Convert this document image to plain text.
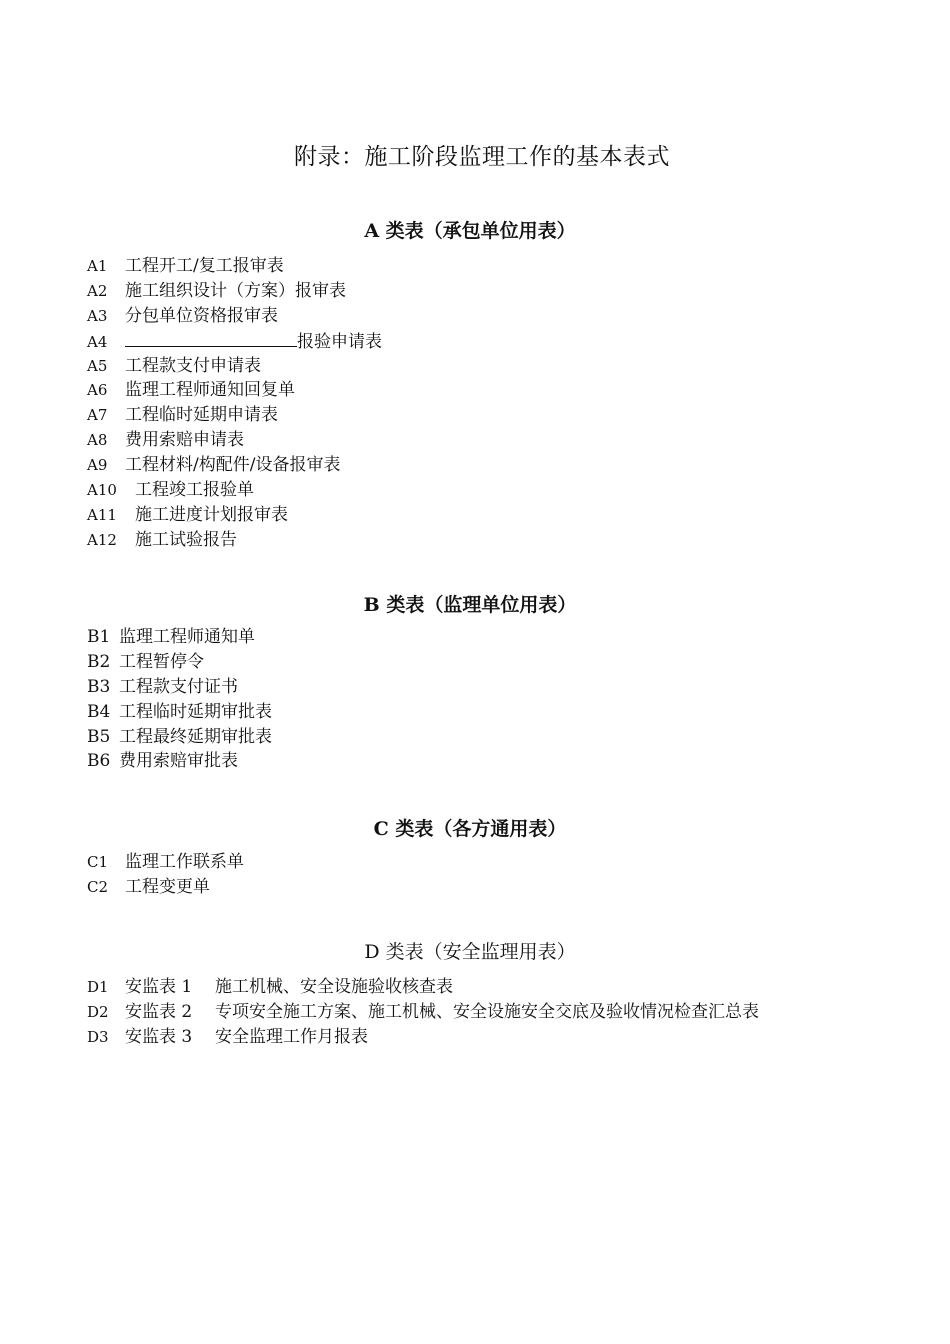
附录：施工阶段监理工作的基本表式
A 类表（承包单位用表）
A1	工程开工/复工报审表
A2	施工组织设计（方案）报审表
A3	分包单位资格报审表
A4	报验申请表
A5	工程款支付申请表
A6	监理工程师通知回复单
A7	工程临时延期申请表
A8	费用索赔申请表
A9	工程材料/构配件/设备报审表
A10	工程竣工报验单
A11	施工进度计划报审表
A12	施工试验报告
B 类表（监理单位用表）
B1 监理工程师通知单
B2 工程暂停令
B3 工程款支付证书
B4 工程临时延期审批表
B5 工程最终延期审批表
B6 费用索赔审批表
C 类表（各方通用表）
C1 监理工作联系单
C2 工程变更单
D 类表（安全监理用表）
D1 安监表 1	施工机械、安全设施验收核查表
D2 安监表 2	专项安全施工方案、施工机械、安全设施安全交底及验收情况检查汇总表
D3 安监表 3	安全监理工作月报表
